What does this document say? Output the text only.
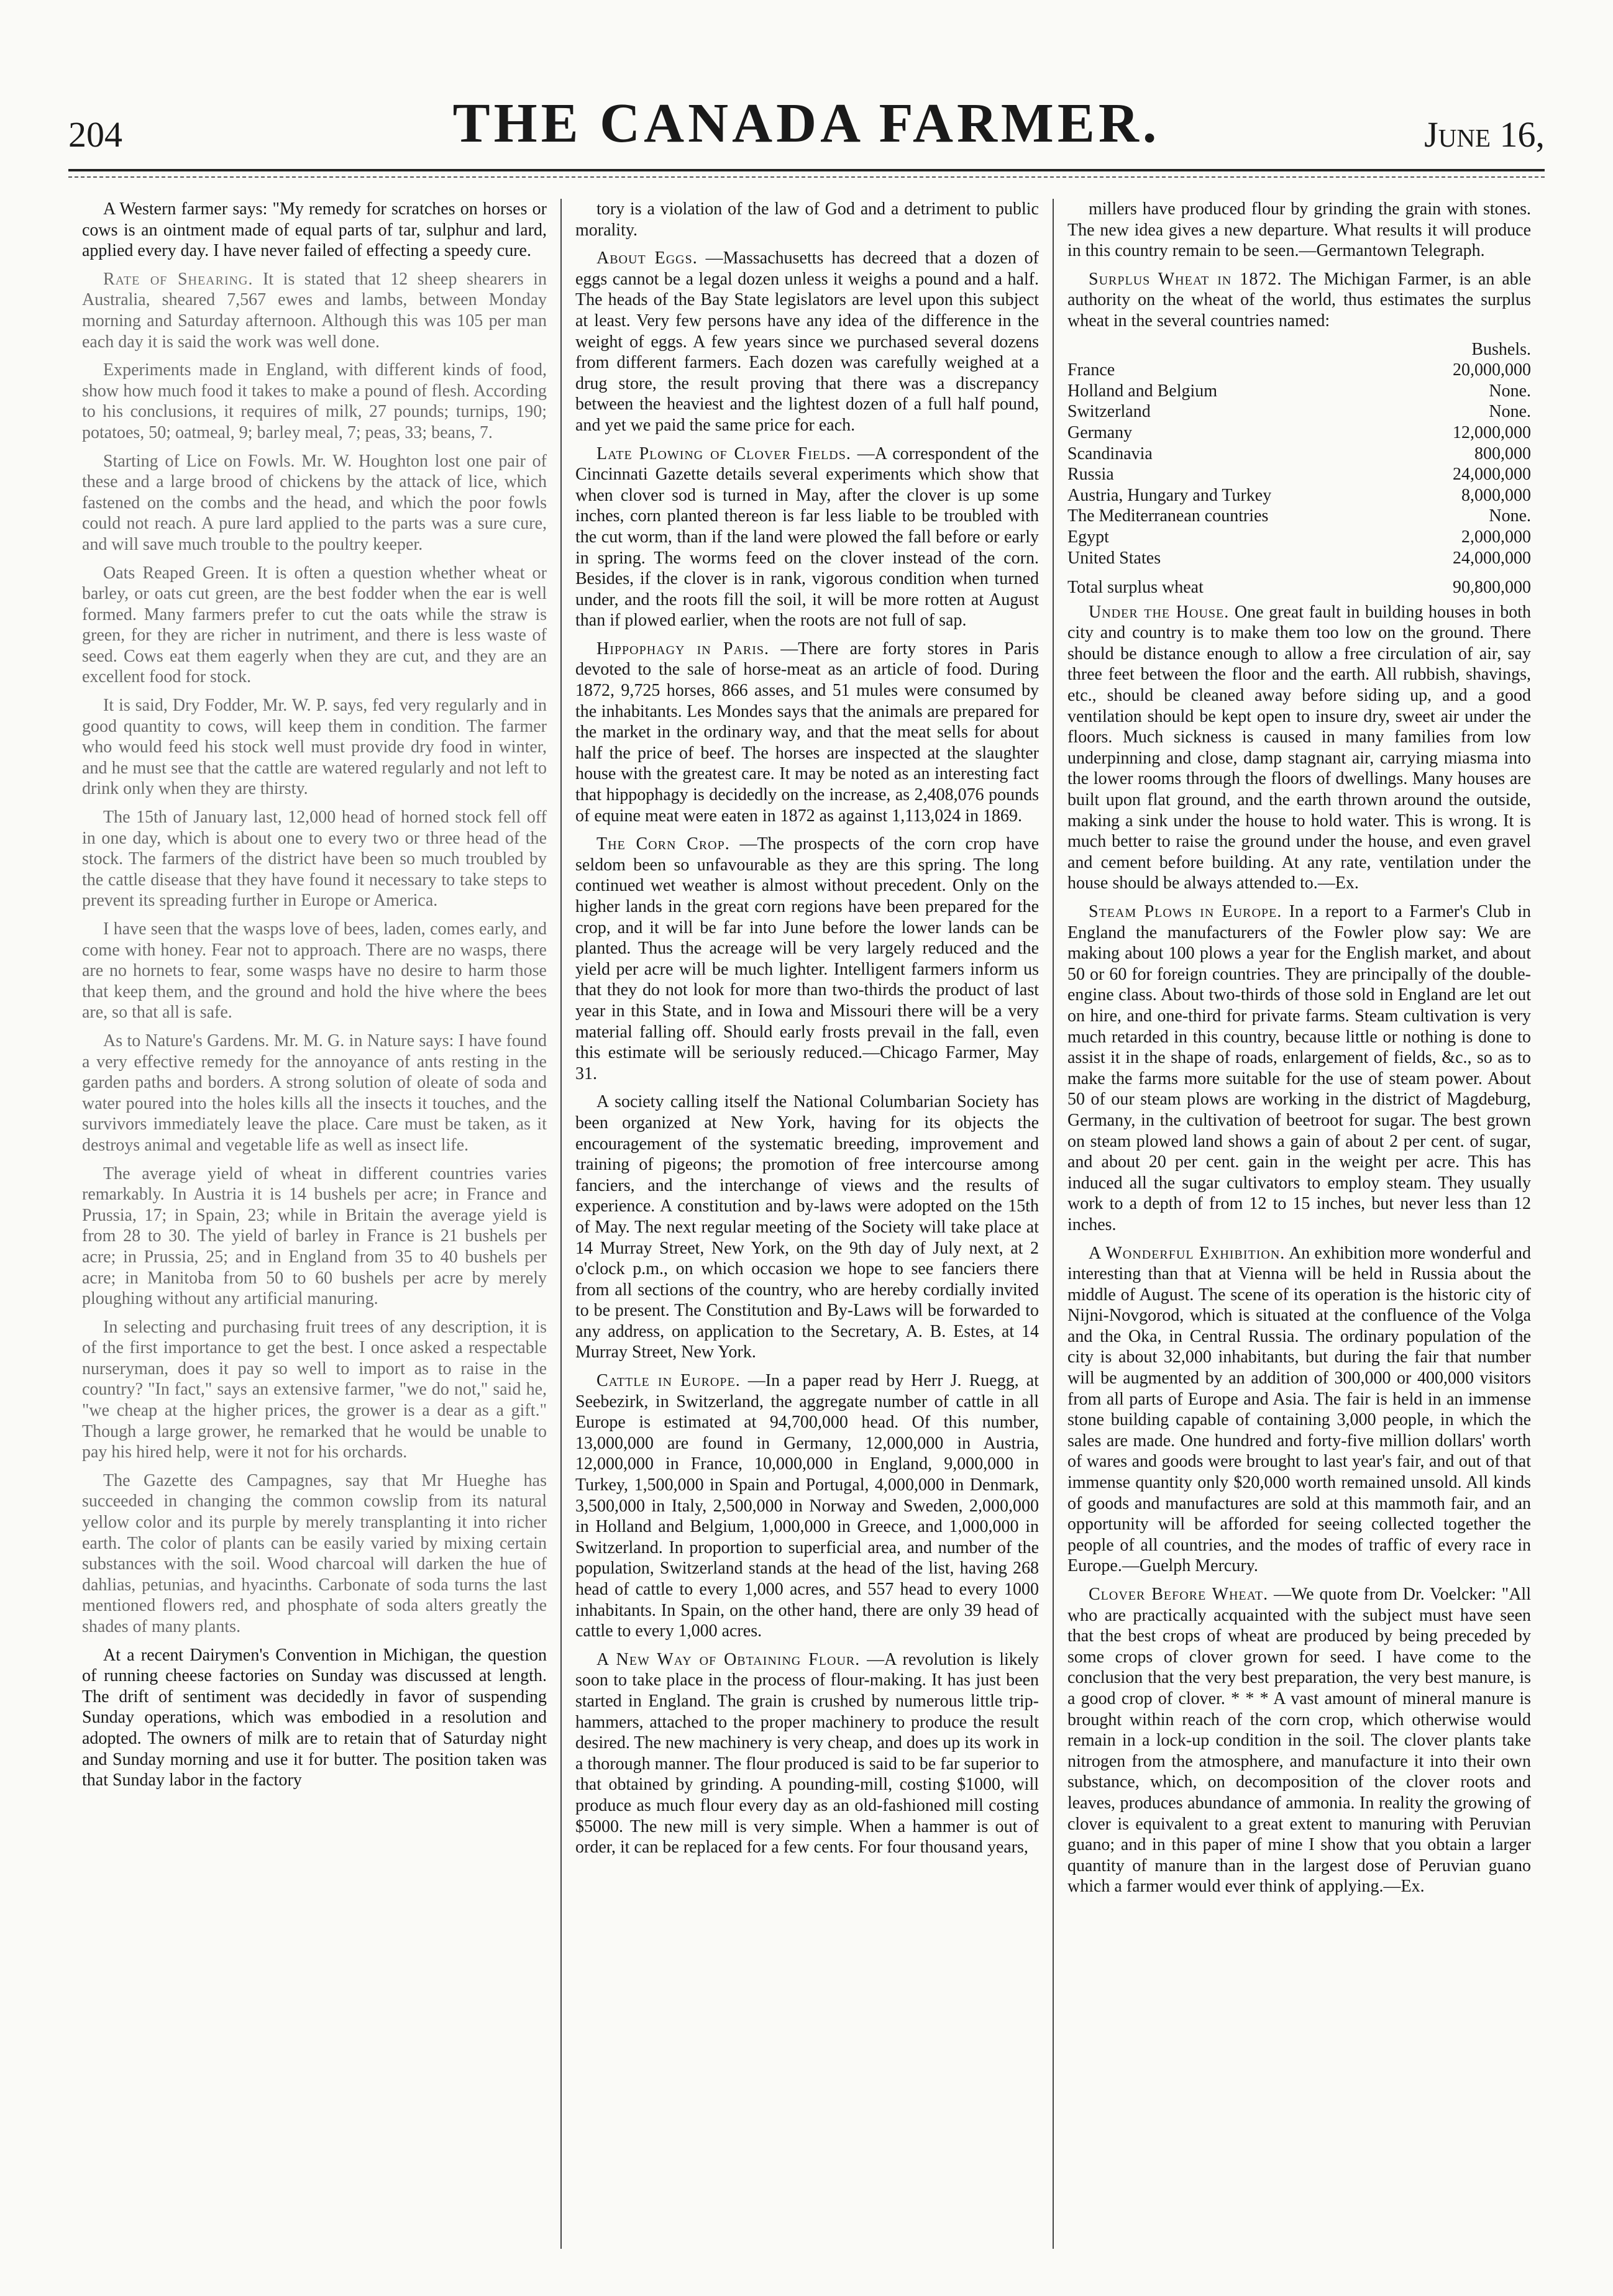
204	THE CANADA FARMER.	June 16,

A Western farmer says: "My remedy for scratches on horses or cows is an ointment made of equal parts of tar, sulphur and lard, applied every day. I have never failed of effecting a speedy cure.

Rate of Shearing. It is stated that 12 sheep shearers in Australia, sheared 7,567 ewes and lambs, between Monday morning and Saturday afternoon. Although this was 105 per man each day it is said the work was well done.

Experiments made in England, with different kinds of food, show how much food it takes to make a pound of flesh. According to his conclusions, it requires of milk, 27 pounds; turnips, 190; potatoes, 50; oatmeal, 9; barley meal, 7; peas, 33; beans, 7.

Starting of Lice on Fowls. Mr. W. Houghton lost one pair of these and a large brood of chickens by the attack of lice, which fastened on the combs and the head, and which the poor fowls could not reach. A pure lard applied to the parts was a sure cure, and will save much trouble to the poultry keeper.

Oats Reaped Green. It is often a question whether wheat or barley, or oats cut green, are the best fodder when the ear is well formed. Many farmers prefer to cut the oats while the straw is green, for they are richer in nutriment, and there is less waste of seed. Cows eat them eagerly when they are cut, and they are an excellent food for stock.

It is said, Dry Fodder, Mr. W. P. says, fed very regularly and in good quantity to cows, will keep them in condition. The farmer who would feed his stock well must provide dry food in winter, and he must see that the cattle are watered regularly and not left to drink only when they are thirsty.

The 15th of January last, 12,000 head of horned stock fell off in one day, which is about one to every two or three head of the stock. The farmers of the district have been so much troubled by the cattle disease that they have found it necessary to take steps to prevent its spreading further in Europe or America.

I have seen that the wasps love of bees, laden, comes early, and come with honey. Fear not to approach. There are no wasps, there are no hornets to fear, some wasps have no desire to harm those that keep them, and the ground and hold the hive where the bees are, so that all is safe.

As to Nature's Gardens. Mr. M. G. in Nature says: I have found a very effective remedy for the annoyance of ants resting in the garden paths and borders. A strong solution of oleate of soda and water poured into the holes kills all the insects it touches, and the survivors immediately leave the place. Care must be taken, as it destroys animal and vegetable life as well as insect life.

The average yield of wheat in different countries varies remarkably. In Austria it is 14 bushels per acre; in France and Prussia, 17; in Spain, 23; while in Britain the average yield is from 28 to 30. The yield of barley in France is 21 bushels per acre; in Prussia, 25; and in England from 35 to 40 bushels per acre; in Manitoba from 50 to 60 bushels per acre by merely ploughing without any artificial manuring.

In selecting and purchasing fruit trees of any description, it is of the first importance to get the best. I once asked a respectable nurseryman, does it pay so well to import as to raise in the country? "In fact," says an extensive farmer, "we do not," said he, "we cheap at the higher prices, the grower is a dear as a gift." Though a large grower, he remarked that he would be unable to pay his hired help, were it not for his orchards.

The Gazette des Campagnes, say that Mr Hueghe has succeeded in changing the common cowslip from its natural yellow color and its purple by merely transplanting it into richer earth. The color of plants can be easily varied by mixing certain substances with the soil. Wood charcoal will darken the hue of dahlias, petunias, and hyacinths. Carbonate of soda turns the last mentioned flowers red, and phosphate of soda alters greatly the shades of many plants.

At a recent Dairymen's Convention in Michigan, the question of running cheese factories on Sunday was discussed at length. The drift of sentiment was decidedly in favor of suspending Sunday operations, which was embodied in a resolution and adopted. The owners of milk are to retain that of Saturday night and Sunday morning and use it for butter. The position taken was that Sunday labor in the factory

tory is a violation of the law of God and a detriment to public morality.

About Eggs. —Massachusetts has decreed that a dozen of eggs cannot be a legal dozen unless it weighs a pound and a half. The heads of the Bay State legislators are level upon this subject at least. Very few persons have any idea of the difference in the weight of eggs. A few years since we purchased several dozens from different farmers. Each dozen was carefully weighed at a drug store, the result proving that there was a discrepancy between the heaviest and the lightest dozen of a full half pound, and yet we paid the same price for each.

Late Plowing of Clover Fields. —A correspondent of the Cincinnati Gazette details several experiments which show that when clover sod is turned in May, after the clover is up some inches, corn planted thereon is far less liable to be troubled with the cut worm, than if the land were plowed the fall before or early in spring. The worms feed on the clover instead of the corn. Besides, if the clover is in rank, vigorous condition when turned under, and the roots fill the soil, it will be more rotten at August than if plowed earlier, when the roots are not full of sap.

Hippophagy in Paris. —There are forty stores in Paris devoted to the sale of horse-meat as an article of food. During 1872, 9,725 horses, 866 asses, and 51 mules were consumed by the inhabitants. Les Mondes says that the animals are prepared for the market in the ordinary way, and that the meat sells for about half the price of beef. The horses are inspected at the slaughter house with the greatest care. It may be noted as an interesting fact that hippophagy is decidedly on the increase, as 2,408,076 pounds of equine meat were eaten in 1872 as against 1,113,024 in 1869.

The Corn Crop. —The prospects of the corn crop have seldom been so unfavourable as they are this spring. The long continued wet weather is almost without precedent. Only on the higher lands in the great corn regions have been prepared for the crop, and it will be far into June before the lower lands can be planted. Thus the acreage will be very largely reduced and the yield per acre will be much lighter. Intelligent farmers inform us that they do not look for more than two-thirds the product of last year in this State, and in Iowa and Missouri there will be a very material falling off. Should early frosts prevail in the fall, even this estimate will be seriously reduced.—Chicago Farmer, May 31.

A society calling itself the National Columbarian Society has been organized at New York, having for its objects the encouragement of the systematic breeding, improvement and training of pigeons; the promotion of free intercourse among fanciers, and the interchange of views and the results of experience. A constitution and by-laws were adopted on the 15th of May. The next regular meeting of the Society will take place at 14 Murray Street, New York, on the 9th day of July next, at 2 o'clock p.m., on which occasion we hope to see fanciers there from all sections of the country, who are hereby cordially invited to be present. The Constitution and By-Laws will be forwarded to any address, on application to the Secretary, A. B. Estes, at 14 Murray Street, New York.

Cattle in Europe. —In a paper read by Herr J. Ruegg, at Seebezirk, in Switzerland, the aggregate number of cattle in all Europe is estimated at 94,700,000 head. Of this number, 13,000,000 are found in Germany, 12,000,000 in Austria, 12,000,000 in France, 10,000,000 in England, 9,000,000 in Turkey, 1,500,000 in Spain and Portugal, 4,000,000 in Denmark, 3,500,000 in Italy, 2,500,000 in Norway and Sweden, 2,000,000 in Holland and Belgium, 1,000,000 in Greece, and 1,000,000 in Switzerland. In proportion to superficial area, and number of the population, Switzerland stands at the head of the list, having 268 head of cattle to every 1,000 acres, and 557 head to every 1000 inhabitants. In Spain, on the other hand, there are only 39 head of cattle to every 1,000 acres.

A New Way of Obtaining Flour. —A revolution is likely soon to take place in the process of flour-making. It has just been started in England. The grain is crushed by numerous little trip-hammers, attached to the proper machinery to produce the result desired. The new machinery is very cheap, and does up its work in a thorough manner. The flour produced is said to be far superior to that obtained by grinding. A pounding-mill, costing $1000, will produce as much flour every day as an old-fashioned mill costing $5000. The new mill is very simple. When a hammer is out of order, it can be replaced for a few cents. For four thousand years,

millers have produced flour by grinding the grain with stones. The new idea gives a new departure. What results it will produce in this country remain to be seen.—Germantown Telegraph.

Surplus Wheat in 1872. The Michigan Farmer, is an able authority on the wheat of the world, thus estimates the surplus wheat in the several countries named:

Bushels.
France	20,000,000
Holland and Belgium	None.
Switzerland	None.
Germany	12,000,000
Scandinavia	800,000
Russia	24,000,000
Austria, Hungary and Turkey	8,000,000
The Mediterranean countries	None.
Egypt	2,000,000
United States	24,000,000
Total surplus wheat	90,800,000

Under the House. One great fault in building houses in both city and country is to make them too low on the ground. There should be distance enough to allow a free circulation of air, say three feet between the floor and the earth. All rubbish, shavings, etc., should be cleaned away before siding up, and a good ventilation should be kept open to insure dry, sweet air under the floors. Much sickness is caused in many families from low underpinning and close, damp stagnant air, carrying miasma into the lower rooms through the floors of dwellings. Many houses are built upon flat ground, and the earth thrown around the outside, making a sink under the house to hold water. This is wrong. It is much better to raise the ground under the house, and even gravel and cement before building. At any rate, ventilation under the house should be always attended to.—Ex.

Steam Plows in Europe. In a report to a Farmer's Club in England the manufacturers of the Fowler plow say: We are making about 100 plows a year for the English market, and about 50 or 60 for foreign countries. They are principally of the double-engine class. About two-thirds of those sold in England are let out on hire, and one-third for private farms. Steam cultivation is very much retarded in this country, because little or nothing is done to assist it in the shape of roads, enlargement of fields, &c., so as to make the farms more suitable for the use of steam power. About 50 of our steam plows are working in the district of Magdeburg, Germany, in the cultivation of beetroot for sugar. The best grown on steam plowed land shows a gain of about 2 per cent. of sugar, and about 20 per cent. gain in the weight per acre. This has induced all the sugar cultivators to employ steam. They usually work to a depth of from 12 to 15 inches, but never less than 12 inches.

A Wonderful Exhibition. An exhibition more wonderful and interesting than that at Vienna will be held in Russia about the middle of August. The scene of its operation is the historic city of Nijni-Novgorod, which is situated at the confluence of the Volga and the Oka, in Central Russia. The ordinary population of the city is about 32,000 inhabitants, but during the fair that number will be augmented by an addition of 300,000 or 400,000 visitors from all parts of Europe and Asia. The fair is held in an immense stone building capable of containing 3,000 people, in which the sales are made. One hundred and forty-five million dollars' worth of wares and goods were brought to last year's fair, and out of that immense quantity only $20,000 worth remained unsold. All kinds of goods and manufactures are sold at this mammoth fair, and an opportunity will be afforded for seeing collected together the people of all countries, and the modes of traffic of every race in Europe.—Guelph Mercury.

Clover Before Wheat. —We quote from Dr. Voelcker: "All who are practically acquainted with the subject must have seen that the best crops of wheat are produced by being preceded by some crops of clover grown for seed. I have come to the conclusion that the very best preparation, the very best manure, is a good crop of clover. * * * A vast amount of mineral manure is brought within reach of the corn crop, which otherwise would remain in a lock-up condition in the soil. The clover plants take nitrogen from the atmosphere, and manufacture it into their own substance, which, on decomposition of the clover roots and leaves, produces abundance of ammonia. In reality the growing of clover is equivalent to a great extent to manuring with Peruvian guano; and in this paper of mine I show that you obtain a larger quantity of manure than in the largest dose of Peruvian guano which a farmer would ever think of applying.—Ex.
